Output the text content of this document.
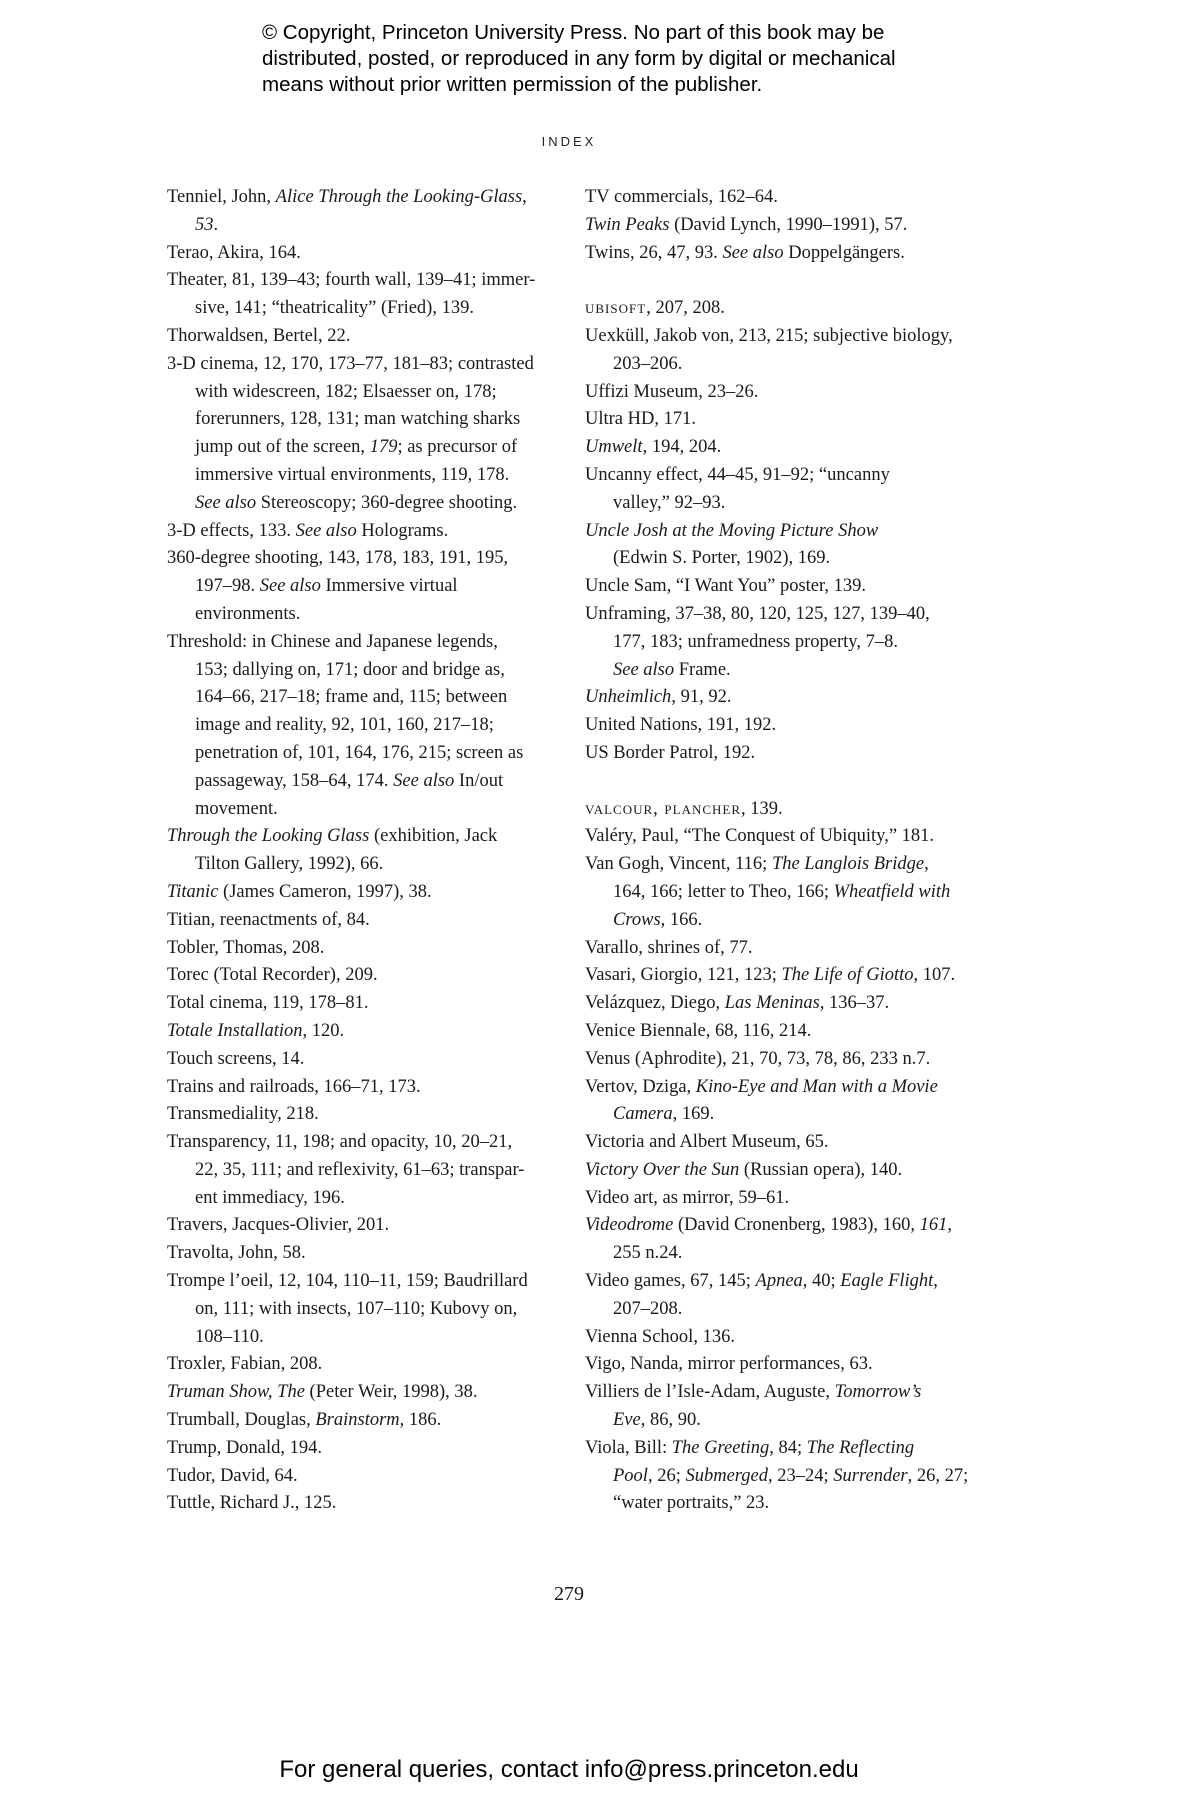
© Copyright, Princeton University Press. No part of this book may be
distributed, posted, or reproduced in any form by digital or mechanical
means without prior written permission of the publisher.
INDEX
Tenniel, John, Alice Through the Looking-Glass,
53.
Terao, Akira, 164.
Theater, 81, 139–43; fourth wall, 139–41; immer-
sive, 141; “theatricality” (Fried), 139.
Thorwaldsen, Bertel, 22.
3-D cinema, 12, 170, 173–77, 181–83; contrasted
with widescreen, 182; Elsaesser on, 178;
forerunners, 128, 131; man watching sharks
jump out of the screen, 179; as precursor of
immersive virtual environments, 119, 178.
See also Stereoscopy; 360-degree shooting.
3-D effects, 133. See also Holograms.
360-degree shooting, 143, 178, 183, 191, 195,
197–98. See also Immersive virtual
environments.
Threshold: in Chinese and Japanese legends,
153; dallying on, 171; door and bridge as,
164–66, 217–18; frame and, 115; between
image and reality, 92, 101, 160, 217–18;
penetration of, 101, 164, 176, 215; screen as
passageway, 158–64, 174. See also In/out
movement.
Through the Looking Glass (exhibition, Jack
Tilton Gallery, 1992), 66.
Titanic (James Cameron, 1997), 38.
Titian, reenactments of, 84.
Tobler, Thomas, 208.
Torec (Total Recorder), 209.
Total cinema, 119, 178–81.
Totale Installation, 120.
Touch screens, 14.
Trains and railroads, 166–71, 173.
Transmediality, 218.
Transparency, 11, 198; and opacity, 10, 20–21,
22, 35, 111; and reflexivity, 61–63; transpar-
ent immediacy, 196.
Travers, Jacques-Olivier, 201.
Travolta, John, 58.
Trompe l’oeil, 12, 104, 110–11, 159; Baudrillard
on, 111; with insects, 107–110; Kubovy on,
108–110.
Troxler, Fabian, 208.
Truman Show, The (Peter Weir, 1998), 38.
Trumball, Douglas, Brainstorm, 186.
Trump, Donald, 194.
Tudor, David, 64.
Tuttle, Richard J., 125.
TV commercials, 162–64.
Twin Peaks (David Lynch, 1990–1991), 57.
Twins, 26, 47, 93. See also Doppelgängers.
ubisoft, 207, 208.
Uexküll, Jakob von, 213, 215; subjective biology,
203–206.
Uffizi Museum, 23–26.
Ultra HD, 171.
Umwelt, 194, 204.
Uncanny effect, 44–45, 91–92; “uncanny
valley,” 92–93.
Uncle Josh at the Moving Picture Show
(Edwin S. Porter, 1902), 169.
Uncle Sam, “I Want You” poster, 139.
Unframing, 37–38, 80, 120, 125, 127, 139–40,
177, 183; unframedness property, 7–8.
See also Frame.
Unheimlich, 91, 92.
United Nations, 191, 192.
US Border Patrol, 192.
valcour, plancher, 139.
Valéry, Paul, “The Conquest of Ubiquity,” 181.
Van Gogh, Vincent, 116; The Langlois Bridge,
164, 166; letter to Theo, 166; Wheatfield with
Crows, 166.
Varallo, shrines of, 77.
Vasari, Giorgio, 121, 123; The Life of Giotto, 107.
Velázquez, Diego, Las Meninas, 136–37.
Venice Biennale, 68, 116, 214.
Venus (Aphrodite), 21, 70, 73, 78, 86, 233 n.7.
Vertov, Dziga, Kino-Eye and Man with a Movie
Camera, 169.
Victoria and Albert Museum, 65.
Victory Over the Sun (Russian opera), 140.
Video art, as mirror, 59–61.
Videodrome (David Cronenberg, 1983), 160, 161,
255 n.24.
Video games, 67, 145; Apnea, 40; Eagle Flight,
207–208.
Vienna School, 136.
Vigo, Nanda, mirror performances, 63.
Villiers de l’Isle-Adam, Auguste, Tomorrow’s
Eve, 86, 90.
Viola, Bill: The Greeting, 84; The Reflecting
Pool, 26; Submerged, 23–24; Surrender, 26, 27;
“water portraits,” 23.
279
For general queries, contact info@press.princeton.edu
